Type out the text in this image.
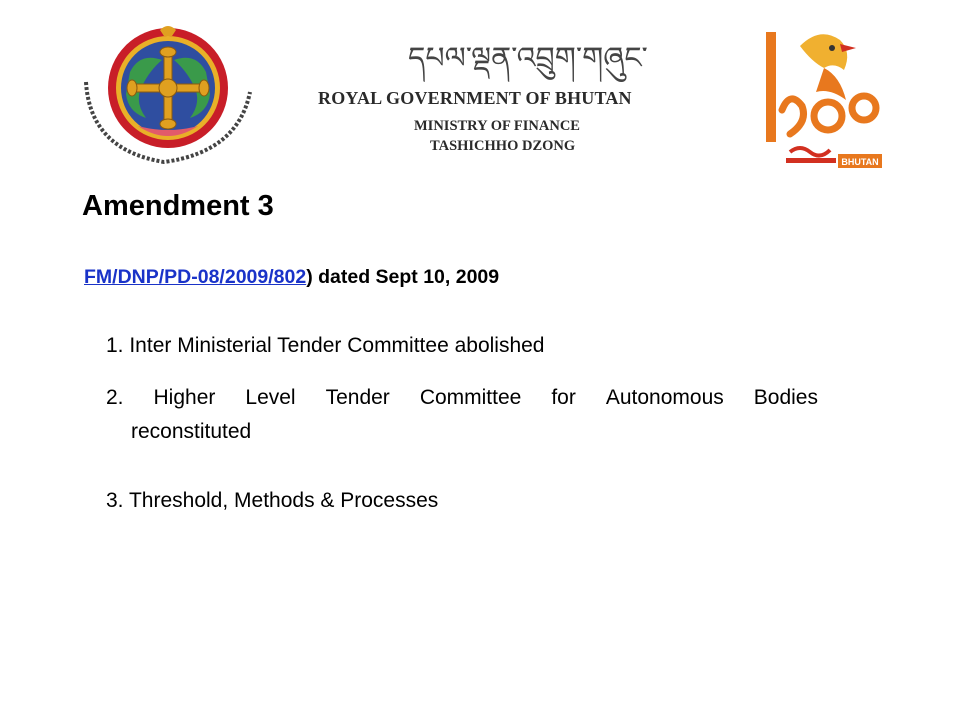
དཔལ་ལྡན་འབྲུག་གཞུང་།
ROYAL GOVERNMENT OF BHUTAN
MINISTRY OF FINANCE
TASHICHHO DZONG
BHUTAN
Amendment 3
FM/DNP/PD-08/2009/802) dated Sept 10, 2009
1. Inter Ministerial Tender Committee abolished
2. Higher Level Tender Committee for Autonomous Bodies
reconstituted
3. Threshold, Methods & Processes
